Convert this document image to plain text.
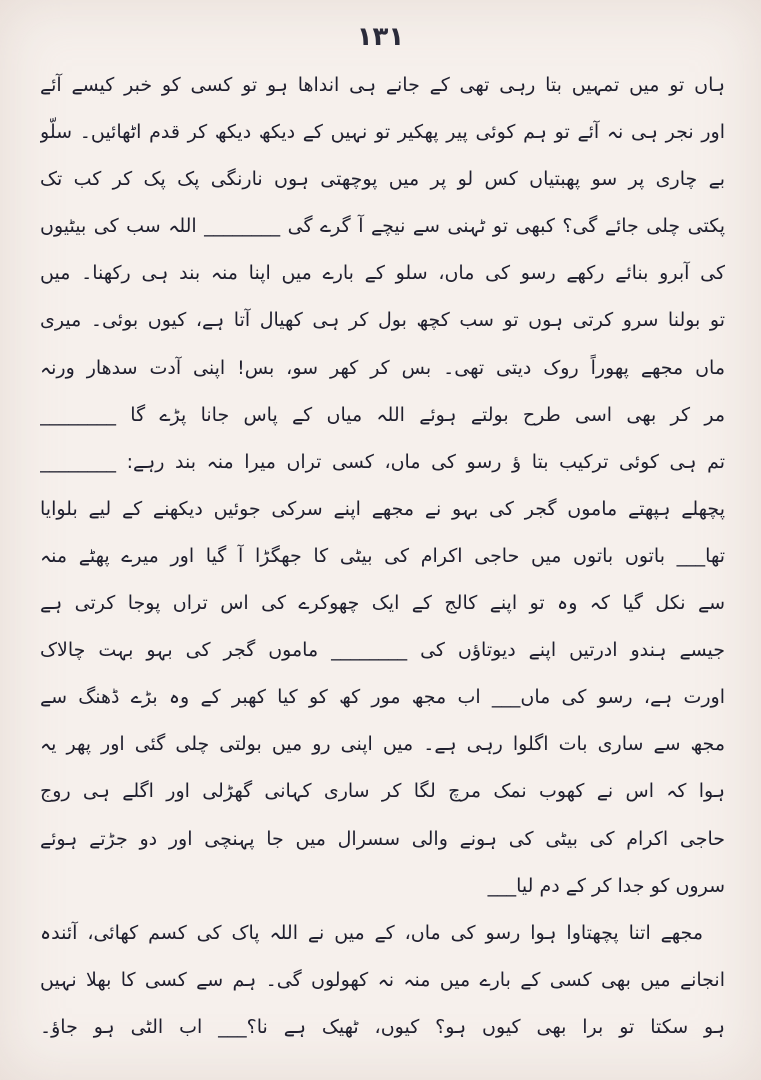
۱۳۱
ہاں تو میں تمہیں بتا رہی تھی کے جانے ہی انداھا ہو تو کسی کو خبر کیسے آئے
اور نجر ہی نہ آئے تو ہم کوئی پیر پھکیر تو نہیں کے دیکھ دیکھ کر قدم اٹھائیں۔ سلّو
بے چاری پر سو پھبتیاں کس لو پر میں پوچھتی ہوں نارنگی پک پک کر کب تک
پکتی چلی جائے گی؟ کبھی تو ٹہنی سے نیچے آ گرے گی ________ اللہ سب کی بیٹیوں
کی آبرو بنائے رکھے رسو کی ماں، سلو کے بارے میں اپنا منہ بند ہی رکھنا۔ میں
تو بولنا سرو کرتی ہوں تو سب کچھ بول کر ہی کھیال آتا ہے، کیوں بوئی۔ میری
ماں مجھے پھوراً روک دیتی تھی۔ بس کر کھر سو، بس! اپنی آدت سدھار ورنہ
مر کر بھی اسی طرح بولتے ہوئے اللہ میاں کے پاس جانا پڑے گا ________
تم ہی کوئی ترکیب بتا ؤ رسو کی ماں، کسی تراں میرا منہ بند رہے: ________
پچھلے ہپھتے ماموں گجر کی بہو نے مجھے اپنے سرکی جوئیں دیکھنے کے لیے بلوایا
تھا___ باتوں باتوں میں حاجی اکرام کی بیٹی کا جھگڑا آ گیا اور میرے پھٹے منہ
سے نکل گیا کہ وہ تو اپنے کالج کے ایک چھوکرے کی اس تراں پوجا کرتی ہے
جیسے ہندو ادرتیں اپنے دیوتاؤں کی ________ ماموں گجر کی بہو بہت چالاک
اورت ہے، رسو کی ماں___ اب مجھ مور کھ کو کیا کھبر کے وہ بڑے ڈھنگ سے
مجھ سے ساری بات اگلوا رہی ہے۔ میں اپنی رو میں بولتی چلی گئی اور پھر یہ
ہوا کہ اس نے کھوب نمک مرچ لگا کر ساری کہانی گھڑلی اور اگلے ہی روج
حاجی اکرام کی بیٹی کی ہونے والی سسرال میں جا پہنچی اور دو جڑتے ہوئے
سروں کو جدا کر کے دم لیا___
مجھے اتنا پچھتاوا ہوا رسو کی ماں، کے میں نے اللہ پاک کی کسم کھائی، آئندہ
انجانے میں بھی کسی کے بارے میں منہ نہ کھولوں گی۔ ہم سے کسی کا بھلا نہیں
ہو سکتا تو برا بھی کیوں ہو؟ کیوں، ٹھیک ہے نا؟___ اب الٹی ہو جاؤ۔
